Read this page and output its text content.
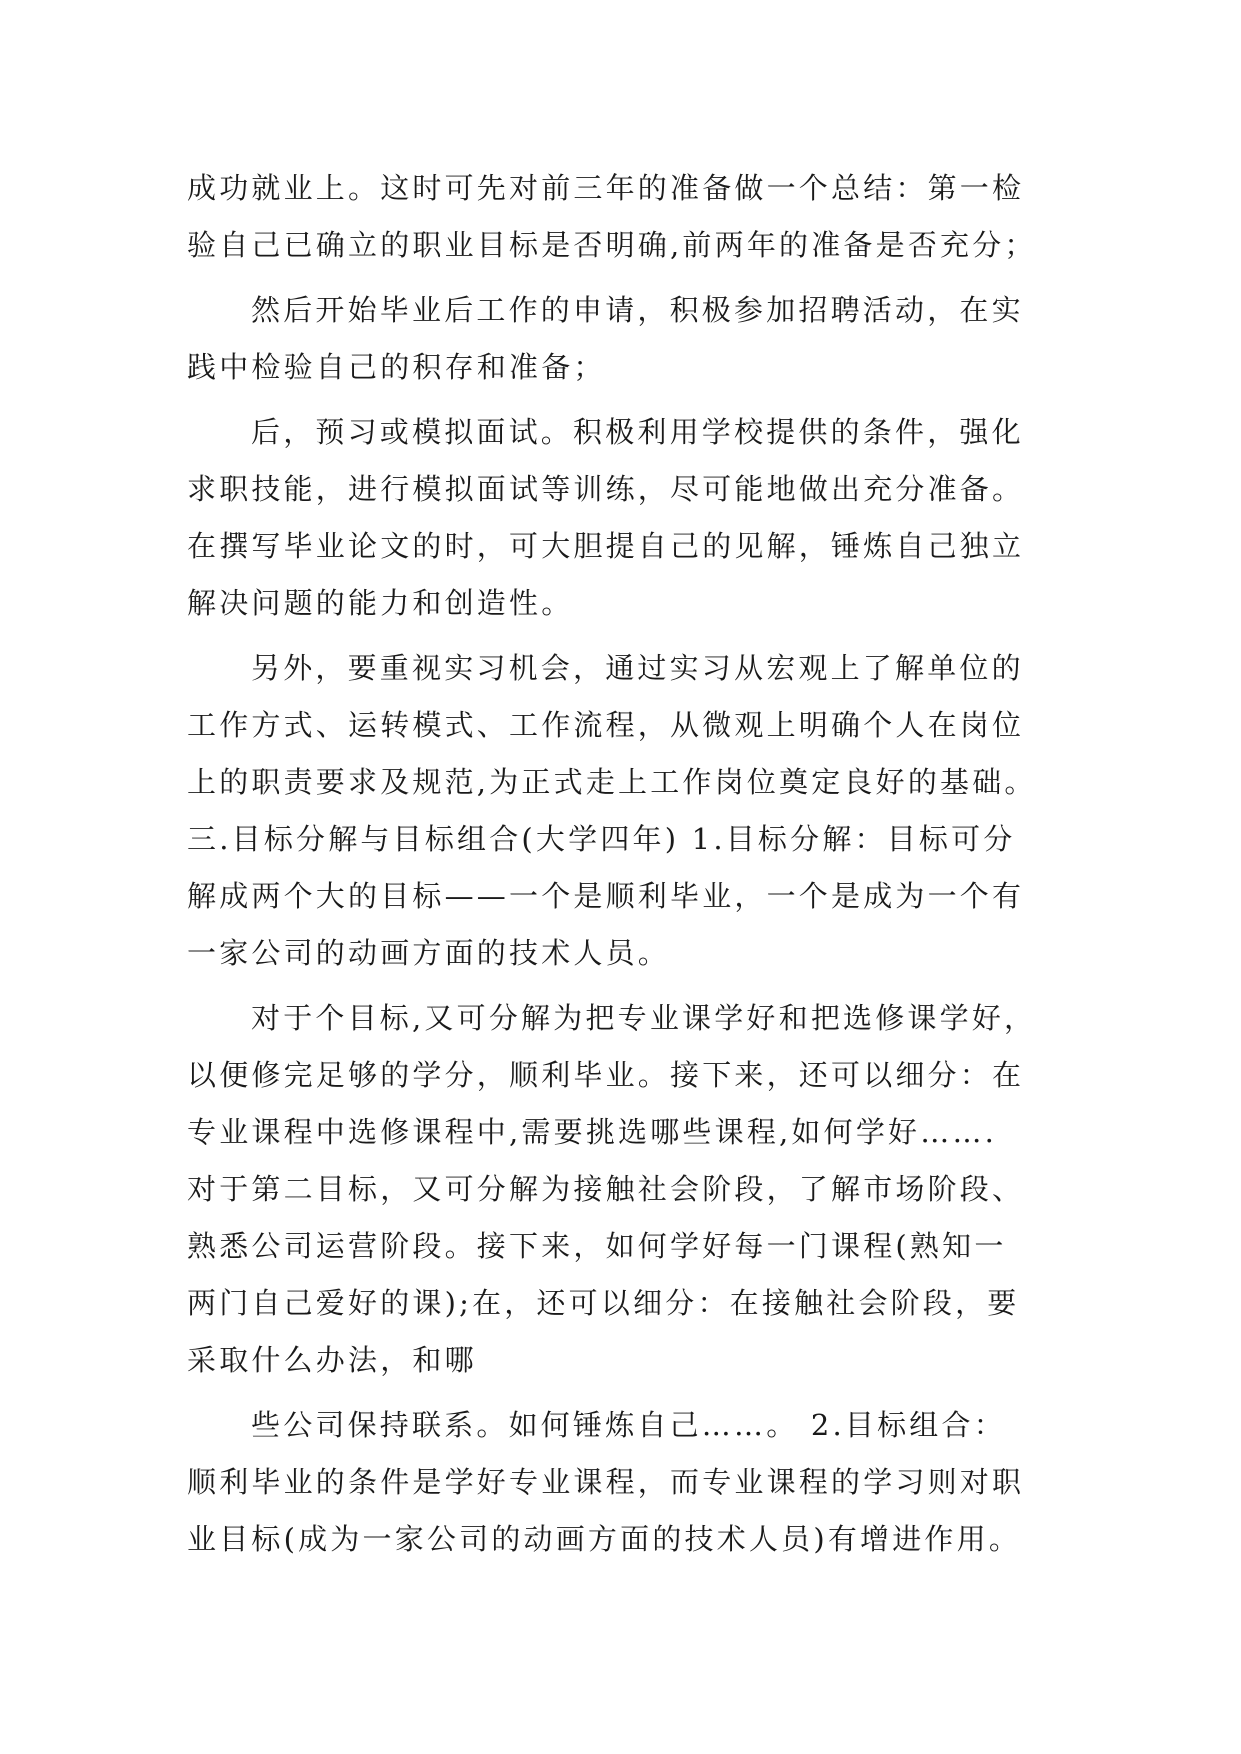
成功就业上。这时可先对前三年的准备做一个总结：第一检
验自己已确立的职业目标是否明确,前两年的准备是否充分；
然后开始毕业后工作的申请，积极参加招聘活动，在实
践中检验自己的积存和准备；
后，预习或模拟面试。积极利用学校提供的条件，强化
求职技能，进行模拟面试等训练，尽可能地做出充分准备。
在撰写毕业论文的时，可大胆提自己的见解，锤炼自己独立
解决问题的能力和创造性。
另外，要重视实习机会，通过实习从宏观上了解单位的
工作方式、运转模式、工作流程，从微观上明确个人在岗位
上的职责要求及规范,为正式走上工作岗位奠定良好的基础。
三.目标分解与目标组合(大学四年) 1.目标分解：目标可分
解成两个大的目标——一个是顺利毕业，一个是成为一个有
一家公司的动画方面的技术人员。
对于个目标,又可分解为把专业课学好和把选修课学好，
以便修完足够的学分，顺利毕业。接下来，还可以细分：在
专业课程中选修课程中,需要挑选哪些课程,如何学好…….
对于第二目标，又可分解为接触社会阶段，了解市场阶段、
熟悉公司运营阶段。接下来，如何学好每一门课程(熟知一
两门自己爱好的课);在，还可以细分：在接触社会阶段，要
采取什么办法，和哪
些公司保持联系。如何锤炼自己……。 2.目标组合：
顺利毕业的条件是学好专业课程，而专业课程的学习则对职
业目标(成为一家公司的动画方面的技术人员)有增进作用。
